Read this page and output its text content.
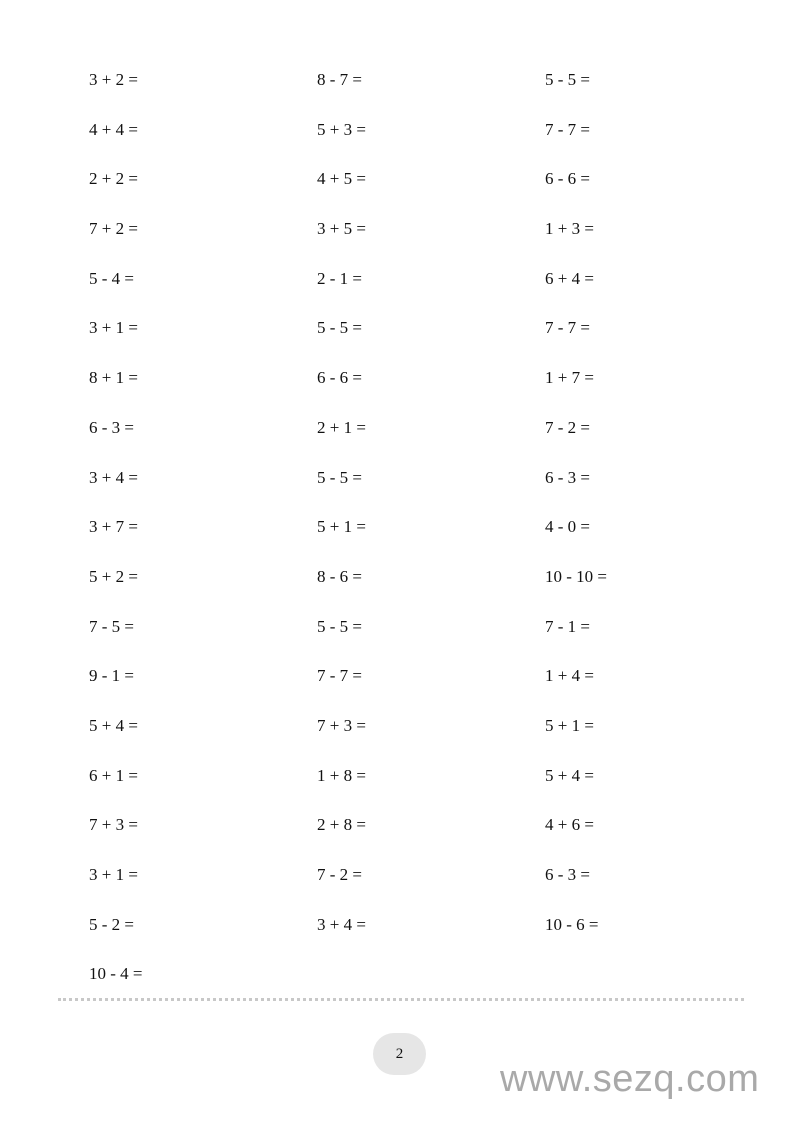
3 + 2 =	8 - 7 =	5 - 5 =
4 + 4 =	5 + 3 =	7 - 7 =
2 + 2 =	4 + 5 =	6 - 6 =
7 + 2 =	3 + 5 =	1 + 3 =
5 - 4 =	2 - 1 =	6 + 4 =
3 + 1 =	5 - 5 =	7 - 7 =
8 + 1 =	6 - 6 =	1 + 7 =
6 - 3 =	2 + 1 =	7 - 2 =
3 + 4 =	5 - 5 =	6 - 3 =
3 + 7 =	5 + 1 =	4 - 0 =
5 + 2 =	8 - 6 =	10 - 10 =
7 - 5 =	5 - 5 =	7 - 1 =
9 - 1 =	7 - 7 =	1 + 4 =
5 + 4 =	7 + 3 =	5 + 1 =
6 + 1 =	1 + 8 =	5 + 4 =
7 + 3 =	2 + 8 =	4 + 6 =
3 + 1 =	7 - 2 =	6 - 3 =
5 - 2 =	3 + 4 =	10 - 6 =
10 - 4 =
2
www.sezq.com
